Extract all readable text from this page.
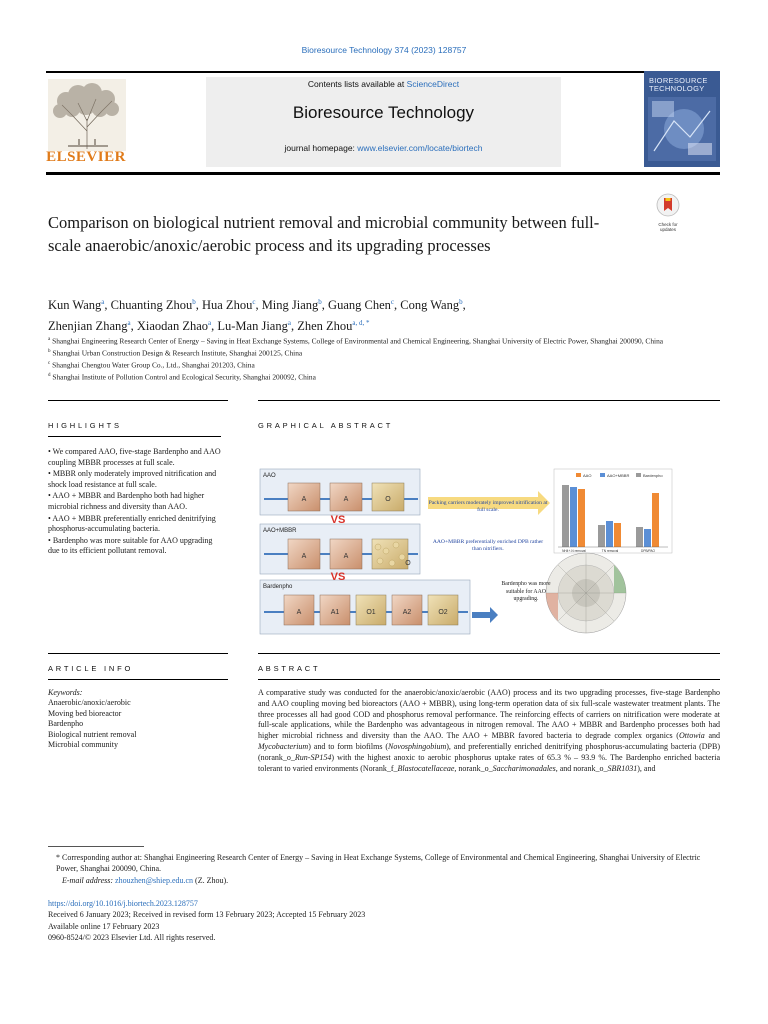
Bioresource Technology 374 (2023) 128757
ELSEVIER
Contents lists available at ScienceDirect
Bioresource Technology
journal homepage: www.elsevier.com/locate/biortech
BIORESOURCE TECHNOLOGY
Check for updates
Comparison on biological nutrient removal and microbial community between full-scale anaerobic/anoxic/aerobic process and its upgrading processes
Kun Wang$^a$, Chuanting Zhou$^b$, Hua Zhou$^c$, Ming Jiang$^b$, Guang Chen$^c$, Cong Wang$^b$,
Zhenjian Zhang$^a$, Xiaodan Zhao$^a$, Lu-Man Jiang$^a$, Zhen Zhou$^{a, d, *}$
$^a$ Shanghai Engineering Research Center of Energy – Saving in Heat Exchange Systems, College of Environmental and Chemical Engineering, Shanghai University of Electric Power, Shanghai 200090, China
$^b$ Shanghai Urban Construction Design & Research Institute, Shanghai 200125, China
$^c$ Shanghai Chengtou Water Group Co., Ltd., Shanghai 201203, China
$^d$ Shanghai Institute of Pollution Control and Ecological Security, Shanghai 200092, China
HIGHLIGHTS	GRAPHICAL ABSTRACT
• We compared AAO, five-stage Bardenpho and AAO coupling MBBR processes at full scale.
• MBBR only moderately improved nitrification and shock load resistance at full scale.
• AAO + MBBR and Bardenpho both had higher microbial richness and diversity than AAO.
• AAO + MBBR preferentially enriched denitrifying phosphorus-accumulating bacteria.
• Bardenpho was more suitable for AAO upgrading due to its efficient pollutant removal.
A	A	O
A	A
O
A	A1	O1	A2	O2
AAO
AAO+MBBR
Bardenpho
VS
VS
Packing carriers moderately improved nitrification at full scale.
AAO+MBBR preferentially enriched DPB rather than nitrifiers.
AAO	AAO+MBBR	Bardenpho
NH4+-N removal	TN removal	DPB/PAO
Bardenpho was more suitable for AAO upgrading.
ARTICLE INFO	ABSTRACT
Keywords:
Anaerobic/anoxic/aerobic
Moving bed bioreactor
Bardenpho
Biological nutrient removal
Microbial community
A comparative study was conducted for the anaerobic/anoxic/aerobic (AAO) process and its two upgrading processes, five-stage Bardenpho and AAO coupling moving bed bioreactors (AAO + MBBR), using long-term operation data of six full-scale wastewater treatment plants. The three processes all had good COD and phosphorus removal performance. The reinforcing effects of carriers on nitrification were moderate at full-scale applications, while the Bardenpho was advantageous in nitrogen removal. The AAO + MBBR and Bardenpho processes both had higher microbial richness and diversity than the AAO. The AAO + MBBR favored bacteria to degrade complex organics (Ottowia and Mycobacterium) and to form biofilms (Novosphingobium), and preferentially enriched denitrifying phosphorus-accumulating bacteria (DPB) (norank_o_Run-SP154) with the highest anoxic to aerobic phosphorus uptake rates of 65.3 % – 93.9 %. The Bardenpho enriched bacteria tolerant to varied environments (Norank_f_Blastocatellaceae, norank_o_Saccharimonadales, and norank_o_SBR1031), and
* Corresponding author at: Shanghai Engineering Research Center of Energy – Saving in Heat Exchange Systems, College of Environmental and Chemical Engineering, Shanghai University of Electric Power, Shanghai 200090, China.
E-mail address: zhouzhen@shiep.edu.cn (Z. Zhou).
https://doi.org/10.1016/j.biortech.2023.128757
Received 6 January 2023; Received in revised form 13 February 2023; Accepted 15 February 2023
Available online 17 February 2023
0960-8524/© 2023 Elsevier Ltd. All rights reserved.
